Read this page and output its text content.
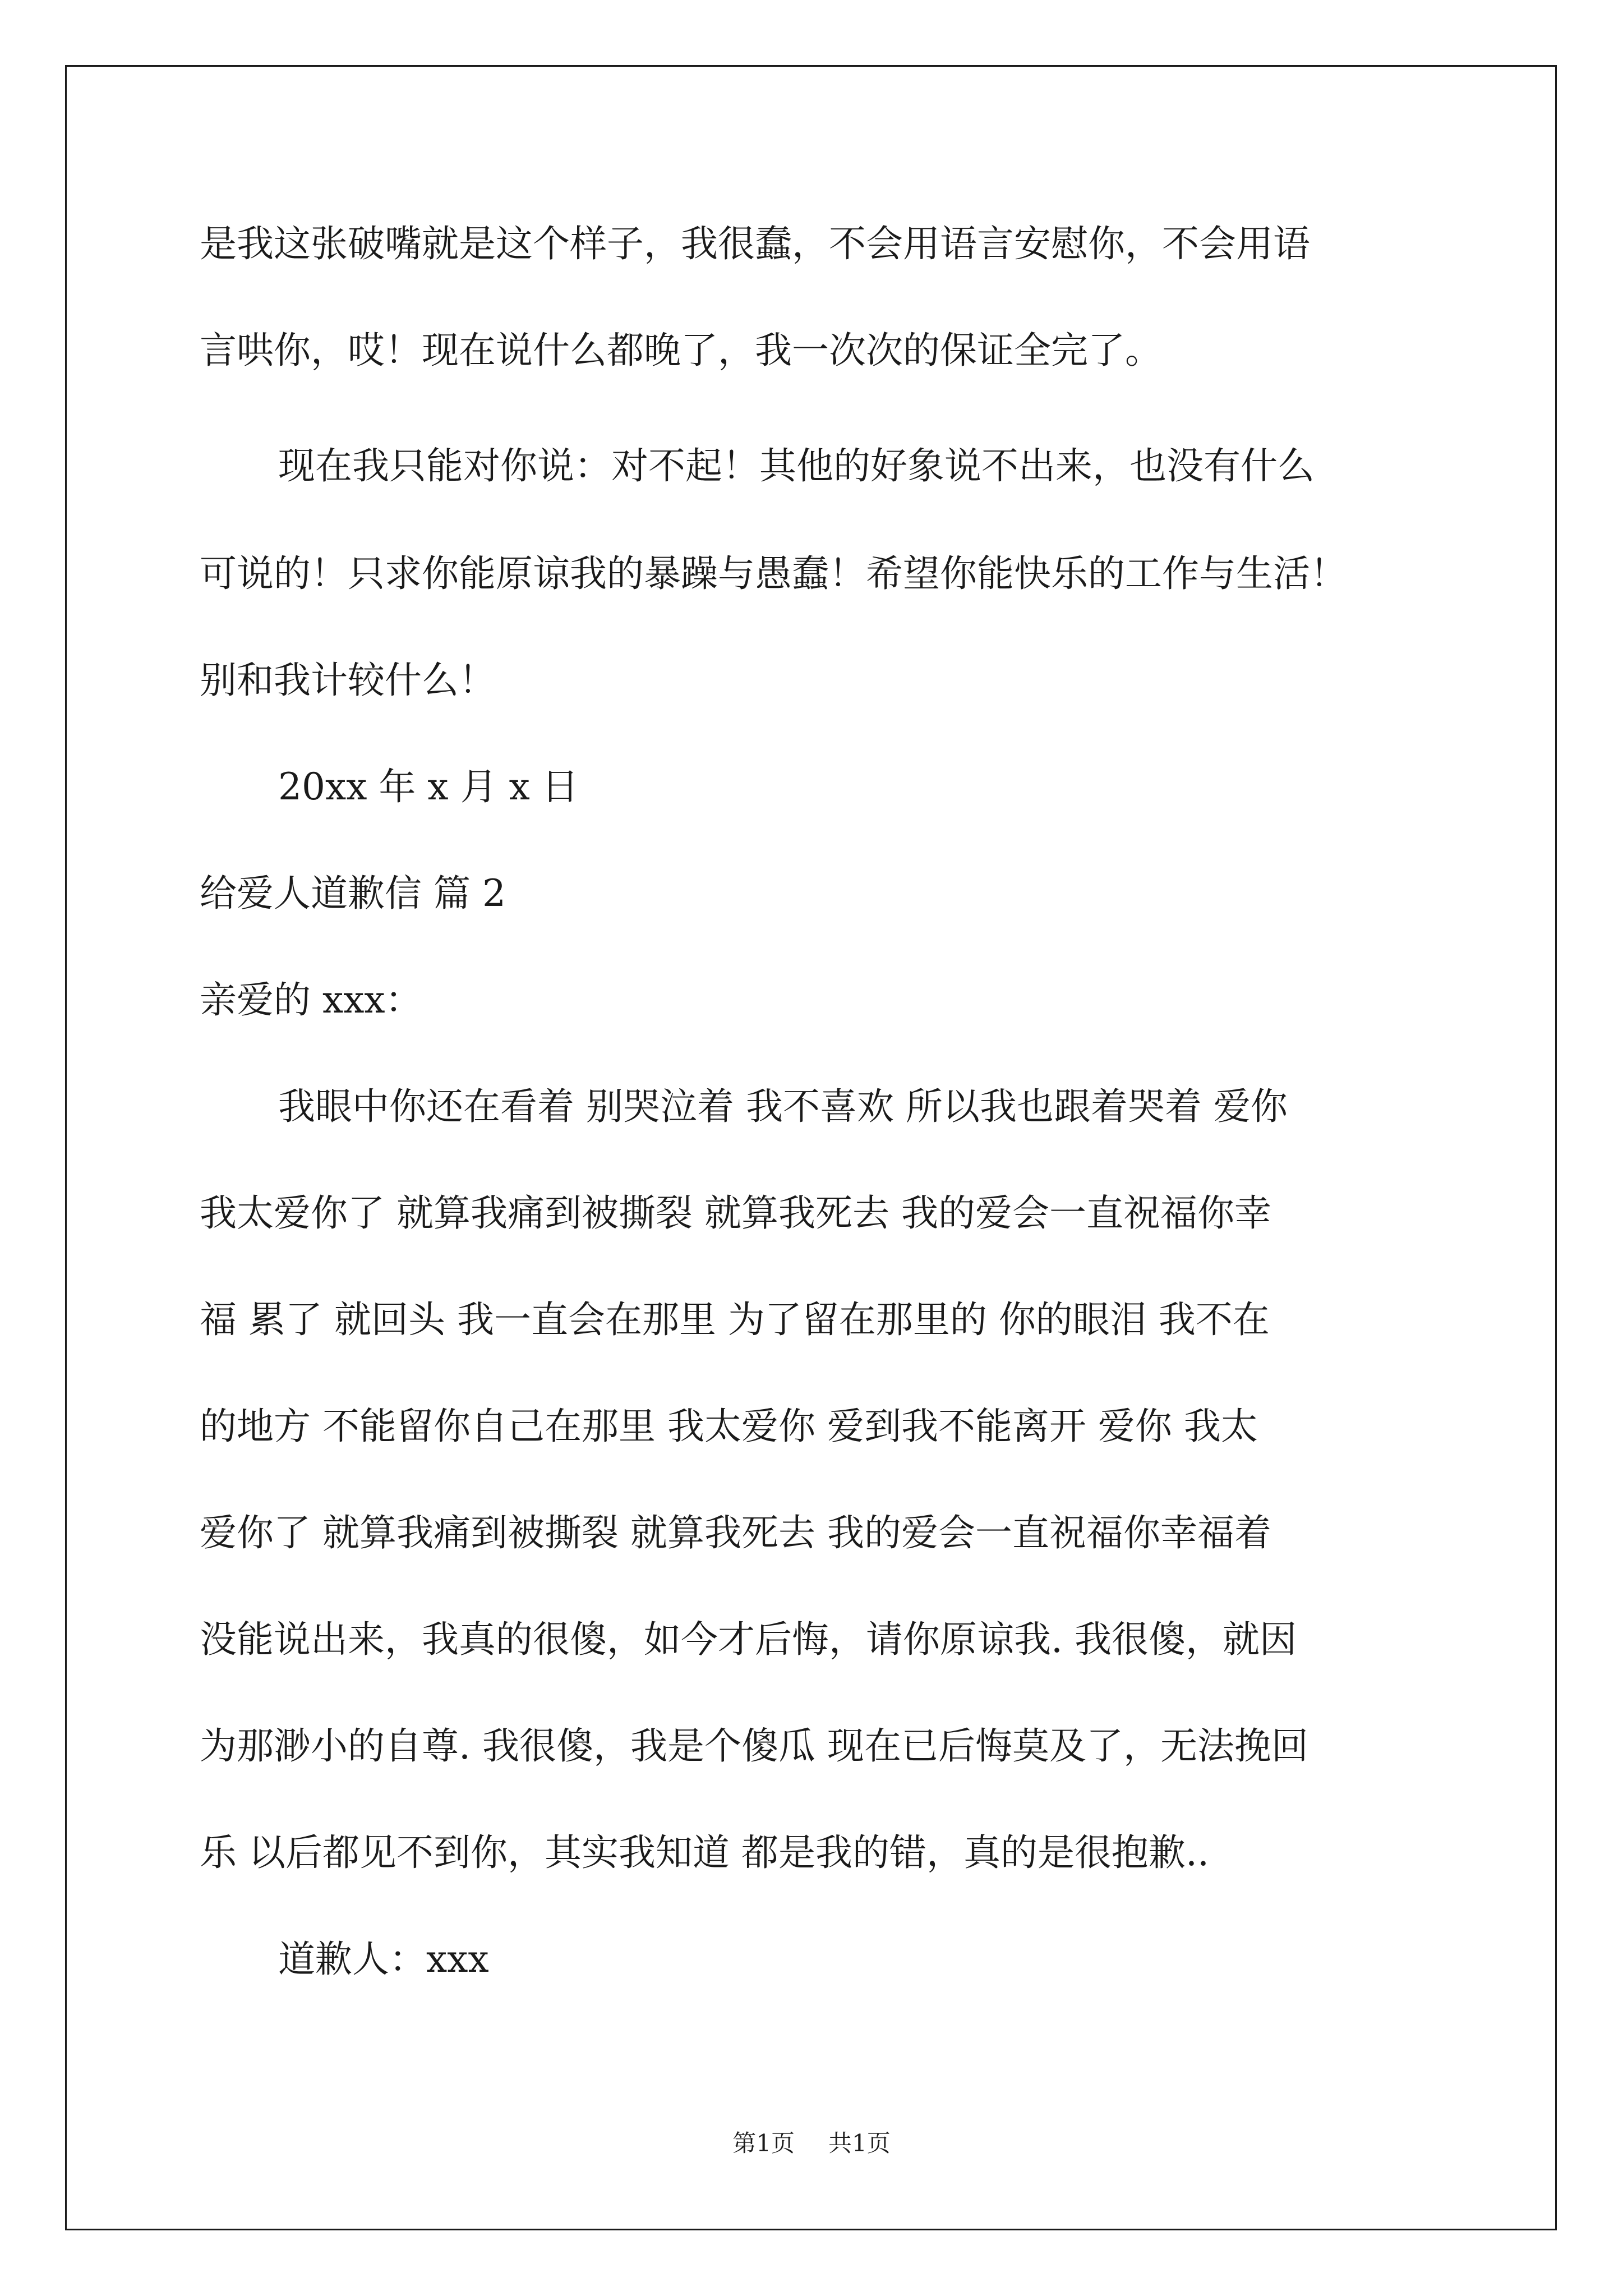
是我这张破嘴就是这个样子，我很蠢，不会用语言安慰你，不会用语
言哄你，哎！现在说什么都晚了，我一次次的保证全完了。
现在我只能对你说：对不起！其他的好象说不出来，也没有什么
可说的！只求你能原谅我的暴躁与愚蠢！希望你能快乐的工作与生活！
别和我计较什么！
20xx 年 x 月 x 日
给爱人道歉信 篇 2
亲爱的 xxx：
我眼中你还在看着 别哭泣着 我不喜欢 所以我也跟着哭着 爱你
我太爱你了 就算我痛到被撕裂 就算我死去 我的爱会一直祝福你幸
福 累了 就回头 我一直会在那里 为了留在那里的 你的眼泪 我不在
的地方 不能留你自己在那里 我太爱你 爱到我不能离开 爱你 我太
爱你了 就算我痛到被撕裂 就算我死去 我的爱会一直祝福你幸福着
没能说出来，我真的很傻，如今才后悔，请你原谅我. 我很傻，就因
为那渺小的自尊. 我很傻，我是个傻瓜 现在已后悔莫及了，无法挽回
乐 以后都见不到你，其实我知道 都是我的错，真的是很抱歉..
道歉人：xxx
第1页 共1页
